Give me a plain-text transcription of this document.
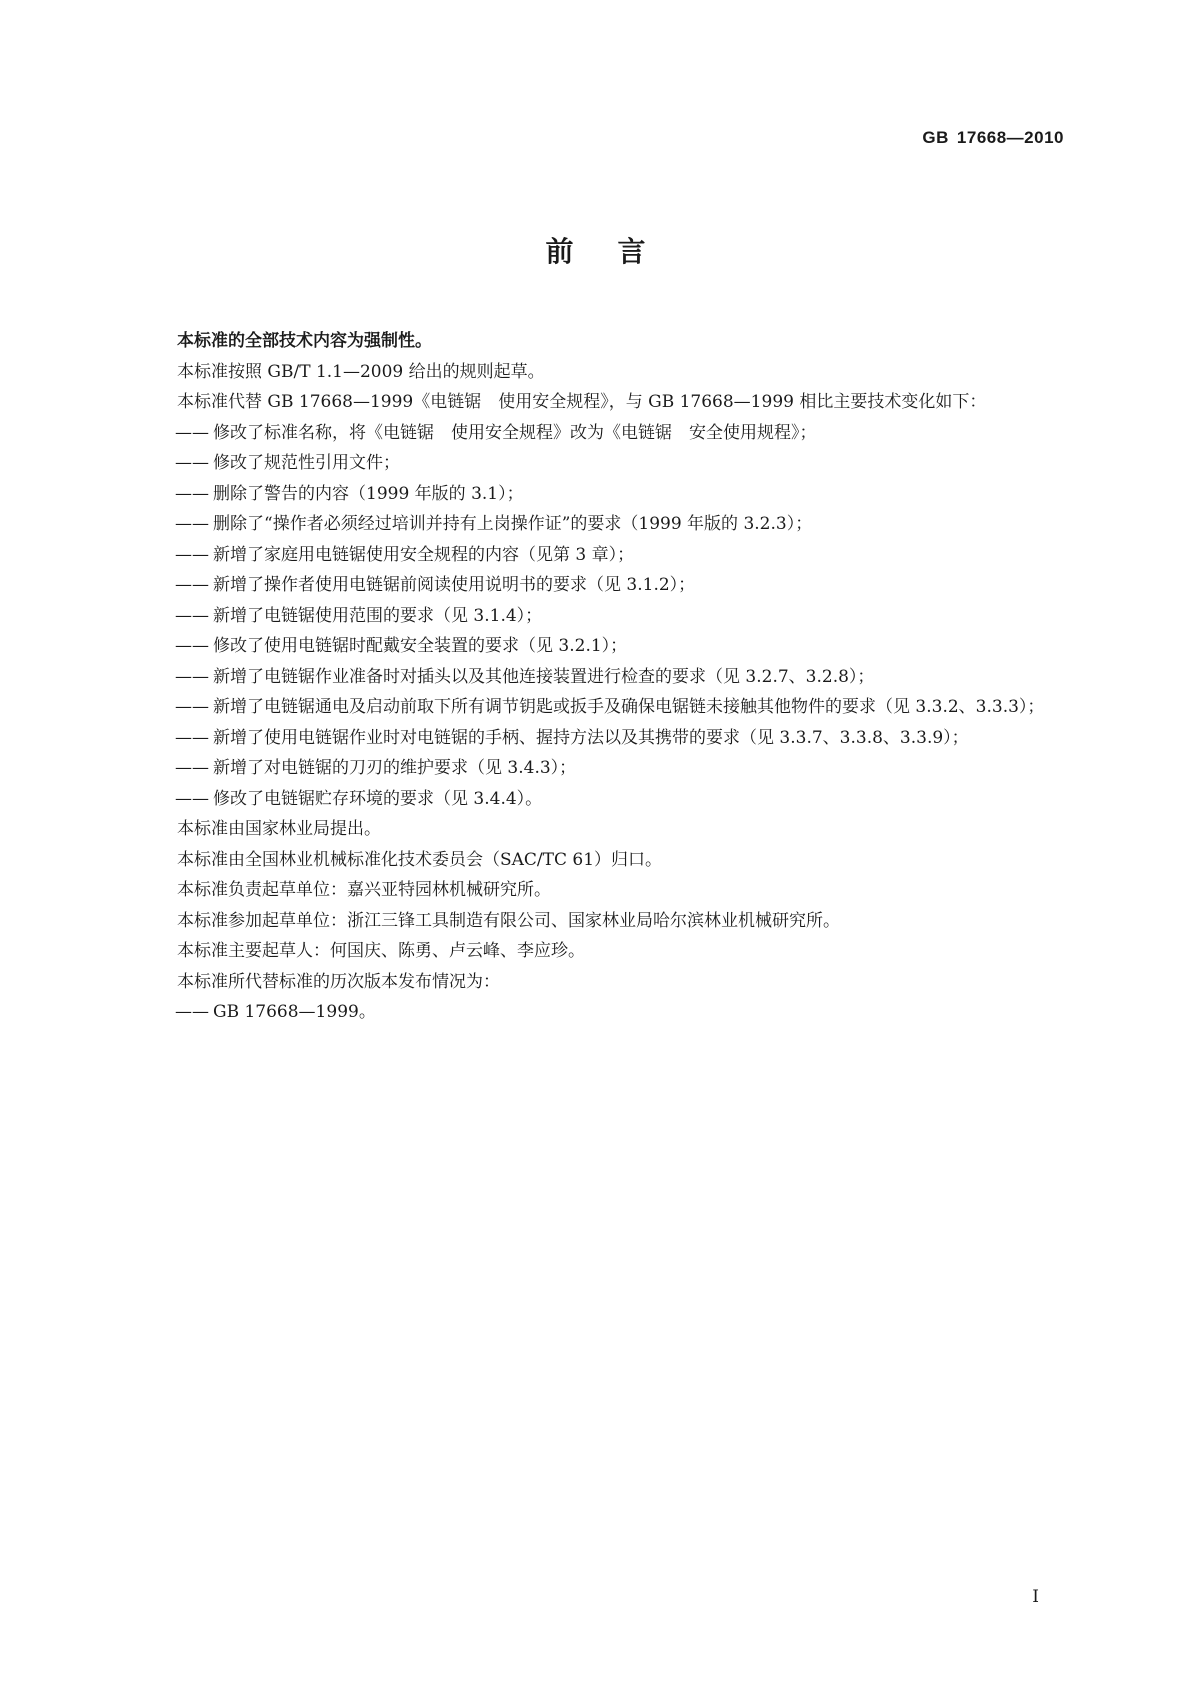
GB 17668—2010
前言

本标准的全部技术内容为强制性。

本标准按照 GB/T 1.1—2009 给出的规则起草。

本标准代替 GB 17668—1999《电链锯　使用安全规程》，与 GB 17668—1999 相比主要技术变化如下：

—— 修改了标准名称，将《电链锯　使用安全规程》改为《电链锯　安全使用规程》；

—— 修改了规范性引用文件；

—— 删除了警告的内容（1999 年版的 3.1）；

—— 删除了“操作者必须经过培训并持有上岗操作证”的要求（1999 年版的 3.2.3）；

—— 新增了家庭用电链锯使用安全规程的内容（见第 3 章）；

—— 新增了操作者使用电链锯前阅读使用说明书的要求（见 3.1.2）；

—— 新增了电链锯使用范围的要求（见 3.1.4）；

—— 修改了使用电链锯时配戴安全装置的要求（见 3.2.1）；

—— 新增了电链锯作业准备时对插头以及其他连接装置进行检查的要求（见 3.2.7、3.2.8）；

—— 新增了电链锯通电及启动前取下所有调节钥匙或扳手及确保电锯链未接触其他物件的要求（见 3.3.2、3.3.3）；

—— 新增了使用电链锯作业时对电链锯的手柄、握持方法以及其携带的要求（见 3.3.7、3.3.8、3.3.9）；

—— 新增了对电链锯的刀刃的维护要求（见 3.4.3）；

—— 修改了电链锯贮存环境的要求（见 3.4.4）。

本标准由国家林业局提出。

本标准由全国林业机械标准化技术委员会（SAC/TC 61）归口。

本标准负责起草单位：嘉兴亚特园林机械研究所。

本标准参加起草单位：浙江三锋工具制造有限公司、国家林业局哈尔滨林业机械研究所。

本标准主要起草人：何国庆、陈勇、卢云峰、李应珍。

本标准所代替标准的历次版本发布情况为：

—— GB 17668—1999。

I
